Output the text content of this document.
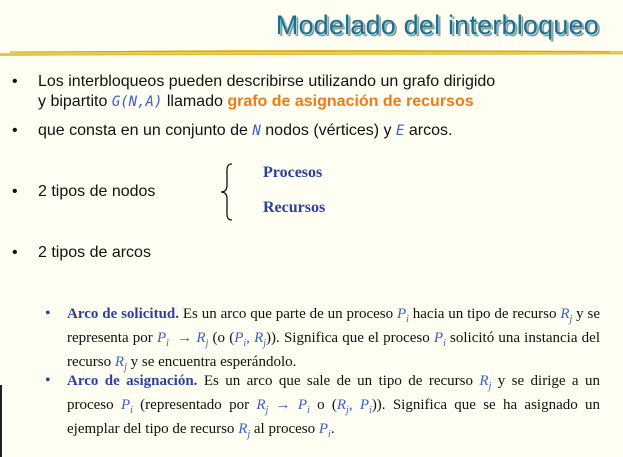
Modelado del interbloqueo
• Los interbloqueos pueden describirse utilizando un grafo dirigido
y bipartito G(N,A) llamado grafo de asignación de recursos
• que consta en un conjunto de N nodos (vértices) y E arcos.
• 2 tipos de nodos
Procesos
Recursos
• 2 tipos de arcos
• Arco de solicitud. Es un arco que parte de un proceso $P_i$ hacia un tipo de recurso $R_j$ y se representa por $P_i \to R_j$ (o ($P_i$, $R_j$)). Significa que el proceso $P_i$ solicitó una instancia del recurso $R_j$ y se encuentra esperándolo.
• Arco de asignación. Es un arco que sale de un tipo de recurso $R_j$ y se dirige a un proceso $P_i$ (representado por $R_j \to P_i$ o ($R_j$, $P_i$)). Significa que se ha asignado un ejemplar del tipo de recurso $R_j$ al proceso $P_i$.
